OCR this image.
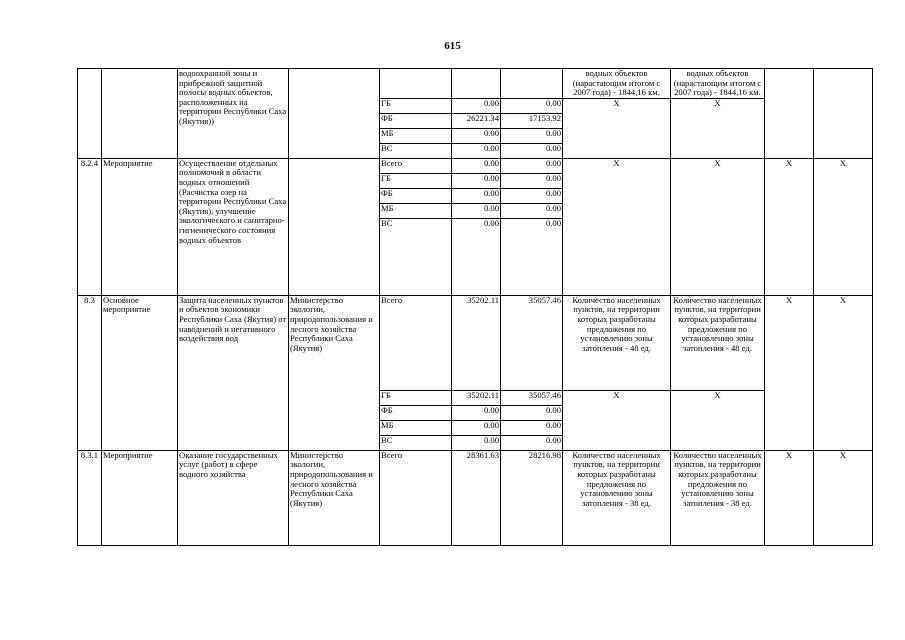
615
		водоохранной зоны и прибрежной защитной полосы водных объектов, расположенных на территории Республики Саха (Якутия))					водных объектов (нарастающим итогом с 2007 года) - 1844,16 км.	водных объектов (нарастающим итогом с 2007 года) - 1844,16 км.		
				ГБ	0.00	0.00	Х	Х		
				ФБ	26221.34	17153.92				
				МБ	0.00	0.00				
				ВС	0.00	0.00				
8.2.4	Мероприятие	Осуществление отдельных полномочий в области водных отношений (Расчистка озер на территории Республики Саха (Якутия), улучшение экологического и санитарно-гигиенического состояния водных объектов		Всего	0.00	0.00	Х	Х	Х	Х
				ГБ	0.00	0.00				
				ФБ	0.00	0.00				
				МБ	0.00	0.00				
				ВС	0.00	0.00				
8.3	Основное мероприятие	Защита населенных пунктов и объектов экономики Республики Саха (Якутия) от наводнений и негативного воздействия вод	Министерство экологии, природопользования и лесного хозяйства Республики Саха (Якутия)	Всего	35202.11	35057.46	Количество населенных пунктов, на территории которых разработаны предложения по установлению зоны затопления - 48 ед.	Количество населенных пунктов, на территории которых разработаны предложения по установлению зоны затопления - 48 ед.	Х	Х
				ГБ	35202.11	35057.46	Х	Х		
				ФБ	0.00	0.00				
				МБ	0.00	0.00				
				ВС	0.00	0.00				
8.3.1	Мероприятие	Оказание государственных услуг (работ) в сфере водного хозяйства	Министерство экологии, природопользования и лесного хозяйства Республики Саха (Якутия)	Всего	28361.63	28216.98	Количество населенных пунктов, на территории которых разработаны предложения по установлению зоны затопления - 38 ед.	Количество населенных пунктов, на территории которых разработаны предложения по установлению зоны затопления - 38 ед.	Х	Х
